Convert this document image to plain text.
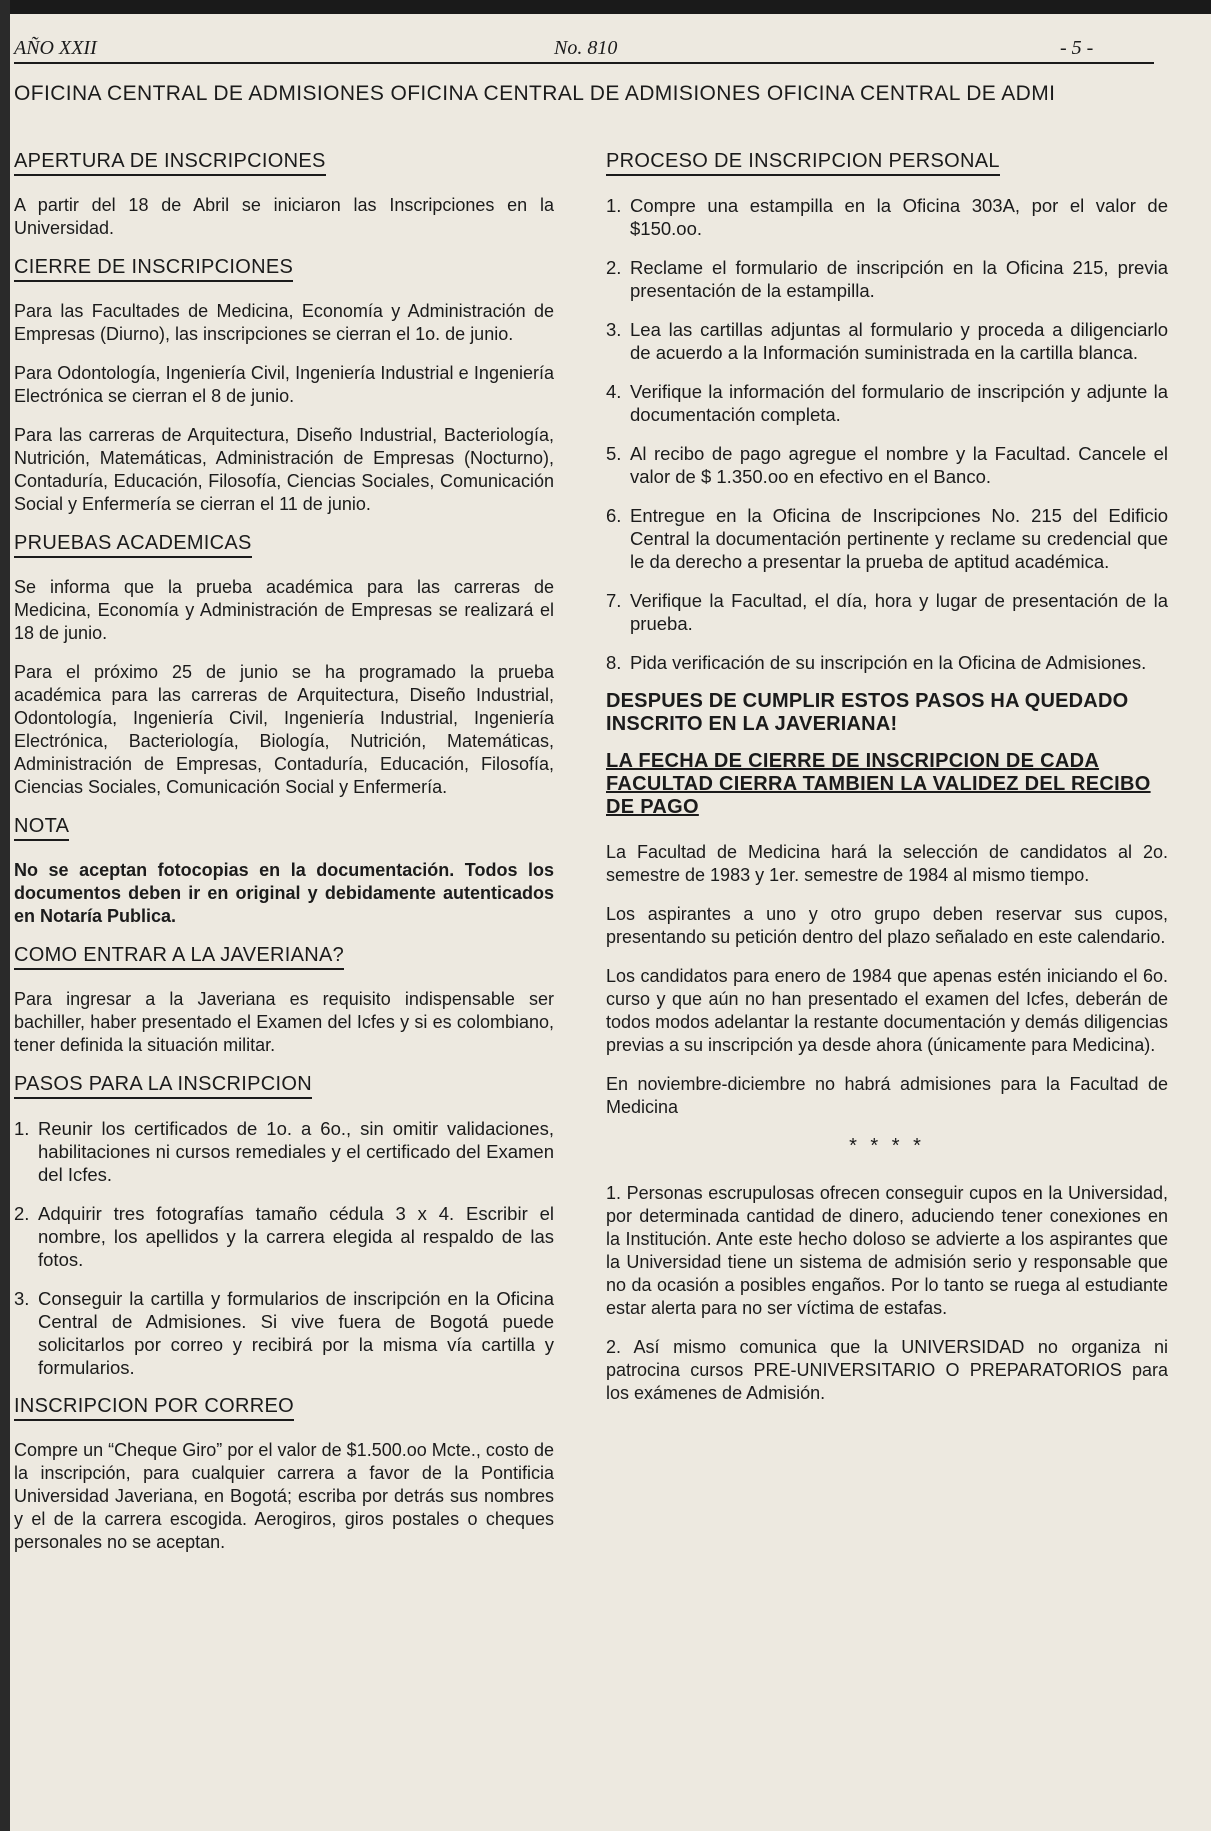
AÑO XXII	No. 810	- 5 -
OFICINA CENTRAL DE ADMISIONES OFICINA CENTRAL DE ADMISIONES OFICINA CENTRAL DE ADMI
APERTURA DE INSCRIPCIONES

A partir del 18 de Abril se iniciaron las Inscripciones en la Universidad.

CIERRE DE INSCRIPCIONES

Para las Facultades de Medicina, Economía y Administración de Empresas (Diurno), las inscripciones se cierran el 1o. de junio.

Para Odontología, Ingeniería Civil, Ingeniería Industrial e Ingeniería Electrónica se cierran el 8 de junio.

Para las carreras de Arquitectura, Diseño Industrial, Bacteriología, Nutrición, Matemáticas, Administración de Empresas (Nocturno), Contaduría, Educación, Filosofía, Ciencias Sociales, Comunicación Social y Enfermería se cierran el 11 de junio.

PRUEBAS ACADEMICAS

Se informa que la prueba académica para las carreras de Medicina, Economía y Administración de Empresas se realizará el 18 de junio.

Para el próximo 25 de junio se ha programado la prueba académica para las carreras de Arquitectura, Diseño Industrial, Odontología, Ingeniería Civil, Ingeniería Industrial, Ingeniería Electrónica, Bacteriología, Biología, Nutrición, Matemáticas, Administración de Empresas, Contaduría, Educación, Filosofía, Ciencias Sociales, Comunicación Social y Enfermería.

NOTA

No se aceptan fotocopias en la documentación. Todos los documentos deben ir en original y debidamente autenticados en Notaría Publica.

COMO ENTRAR A LA JAVERIANA?

Para ingresar a la Javeriana es requisito indispensable ser bachiller, haber presentado el Examen del Icfes y si es colombiano, tener definida la situación militar.

PASOS PARA LA INSCRIPCION
1. Reunir los certificados de 1o. a 6o., sin omitir validaciones, habilitaciones ni cursos remediales y el certificado del Examen del Icfes.
2. Adquirir tres fotografías tamaño cédula 3 x 4. Escribir el nombre, los apellidos y la carrera elegida al respaldo de las fotos.
3. Conseguir la cartilla y formularios de inscripción en la Oficina Central de Admisiones. Si vive fuera de Bogotá puede solicitarlos por correo y recibirá por la misma vía cartilla y formularios.
INSCRIPCION POR CORREO

Compre un “Cheque Giro” por el valor de $1.500.oo Mcte., costo de la inscripción, para cualquier carrera a favor de la Pontificia Universidad Javeriana, en Bogotá; escriba por detrás sus nombres y el de la carrera escogida. Aerogiros, giros postales o cheques personales no se aceptan.

PROCESO DE INSCRIPCION PERSONAL
1. Compre una estampilla en la Oficina 303A, por el valor de $150.oo.
2. Reclame el formulario de inscripción en la Oficina 215, previa presentación de la estampilla.
3. Lea las cartillas adjuntas al formulario y proceda a diligenciarlo de acuerdo a la Información suministrada en la cartilla blanca.
4. Verifique la información del formulario de inscripción y adjunte la documentación completa.
5. Al recibo de pago agregue el nombre y la Facultad. Cancele el valor de $ 1.350.oo en efectivo en el Banco.
6. Entregue en la Oficina de Inscripciones No. 215 del Edificio Central la documentación pertinente y reclame su credencial que le da derecho a presentar la prueba de aptitud académica.
7. Verifique la Facultad, el día, hora y lugar de presentación de la prueba.
8. Pida verificación de su inscripción en la Oficina de Admisiones.

DESPUES DE CUMPLIR ESTOS PASOS HA QUEDADO INSCRITO EN LA JAVERIANA!

LA FECHA DE CIERRE DE INSCRIPCION DE CADA FACULTAD CIERRA TAMBIEN LA VALIDEZ DEL RECIBO DE PAGO

La Facultad de Medicina hará la selección de candidatos al 2o. semestre de 1983 y 1er. semestre de 1984 al mismo tiempo.

Los aspirantes a uno y otro grupo deben reservar sus cupos, presentando su petición dentro del plazo señalado en este calendario.

Los candidatos para enero de 1984 que apenas estén iniciando el 6o. curso y que aún no han presentado el examen del Icfes, deberán de todos modos adelantar la restante documentación y demás diligencias previas a su inscripción ya desde ahora (únicamente para Medicina).

En noviembre-diciembre no habrá admisiones para la Facultad de Medicina

* * * *

1. Personas escrupulosas ofrecen conseguir cupos en la Universidad, por determinada cantidad de dinero, aduciendo tener conexiones en la Institución. Ante este hecho doloso se advierte a los aspirantes que la Universidad tiene un sistema de admisión serio y responsable que no da ocasión a posibles engaños. Por lo tanto se ruega al estudiante estar alerta para no ser víctima de estafas.

2. Así mismo comunica que la UNIVERSIDAD no organiza ni patrocina cursos PRE-UNIVERSITARIO O PREPARATORIOS para los exámenes de Admisión.
